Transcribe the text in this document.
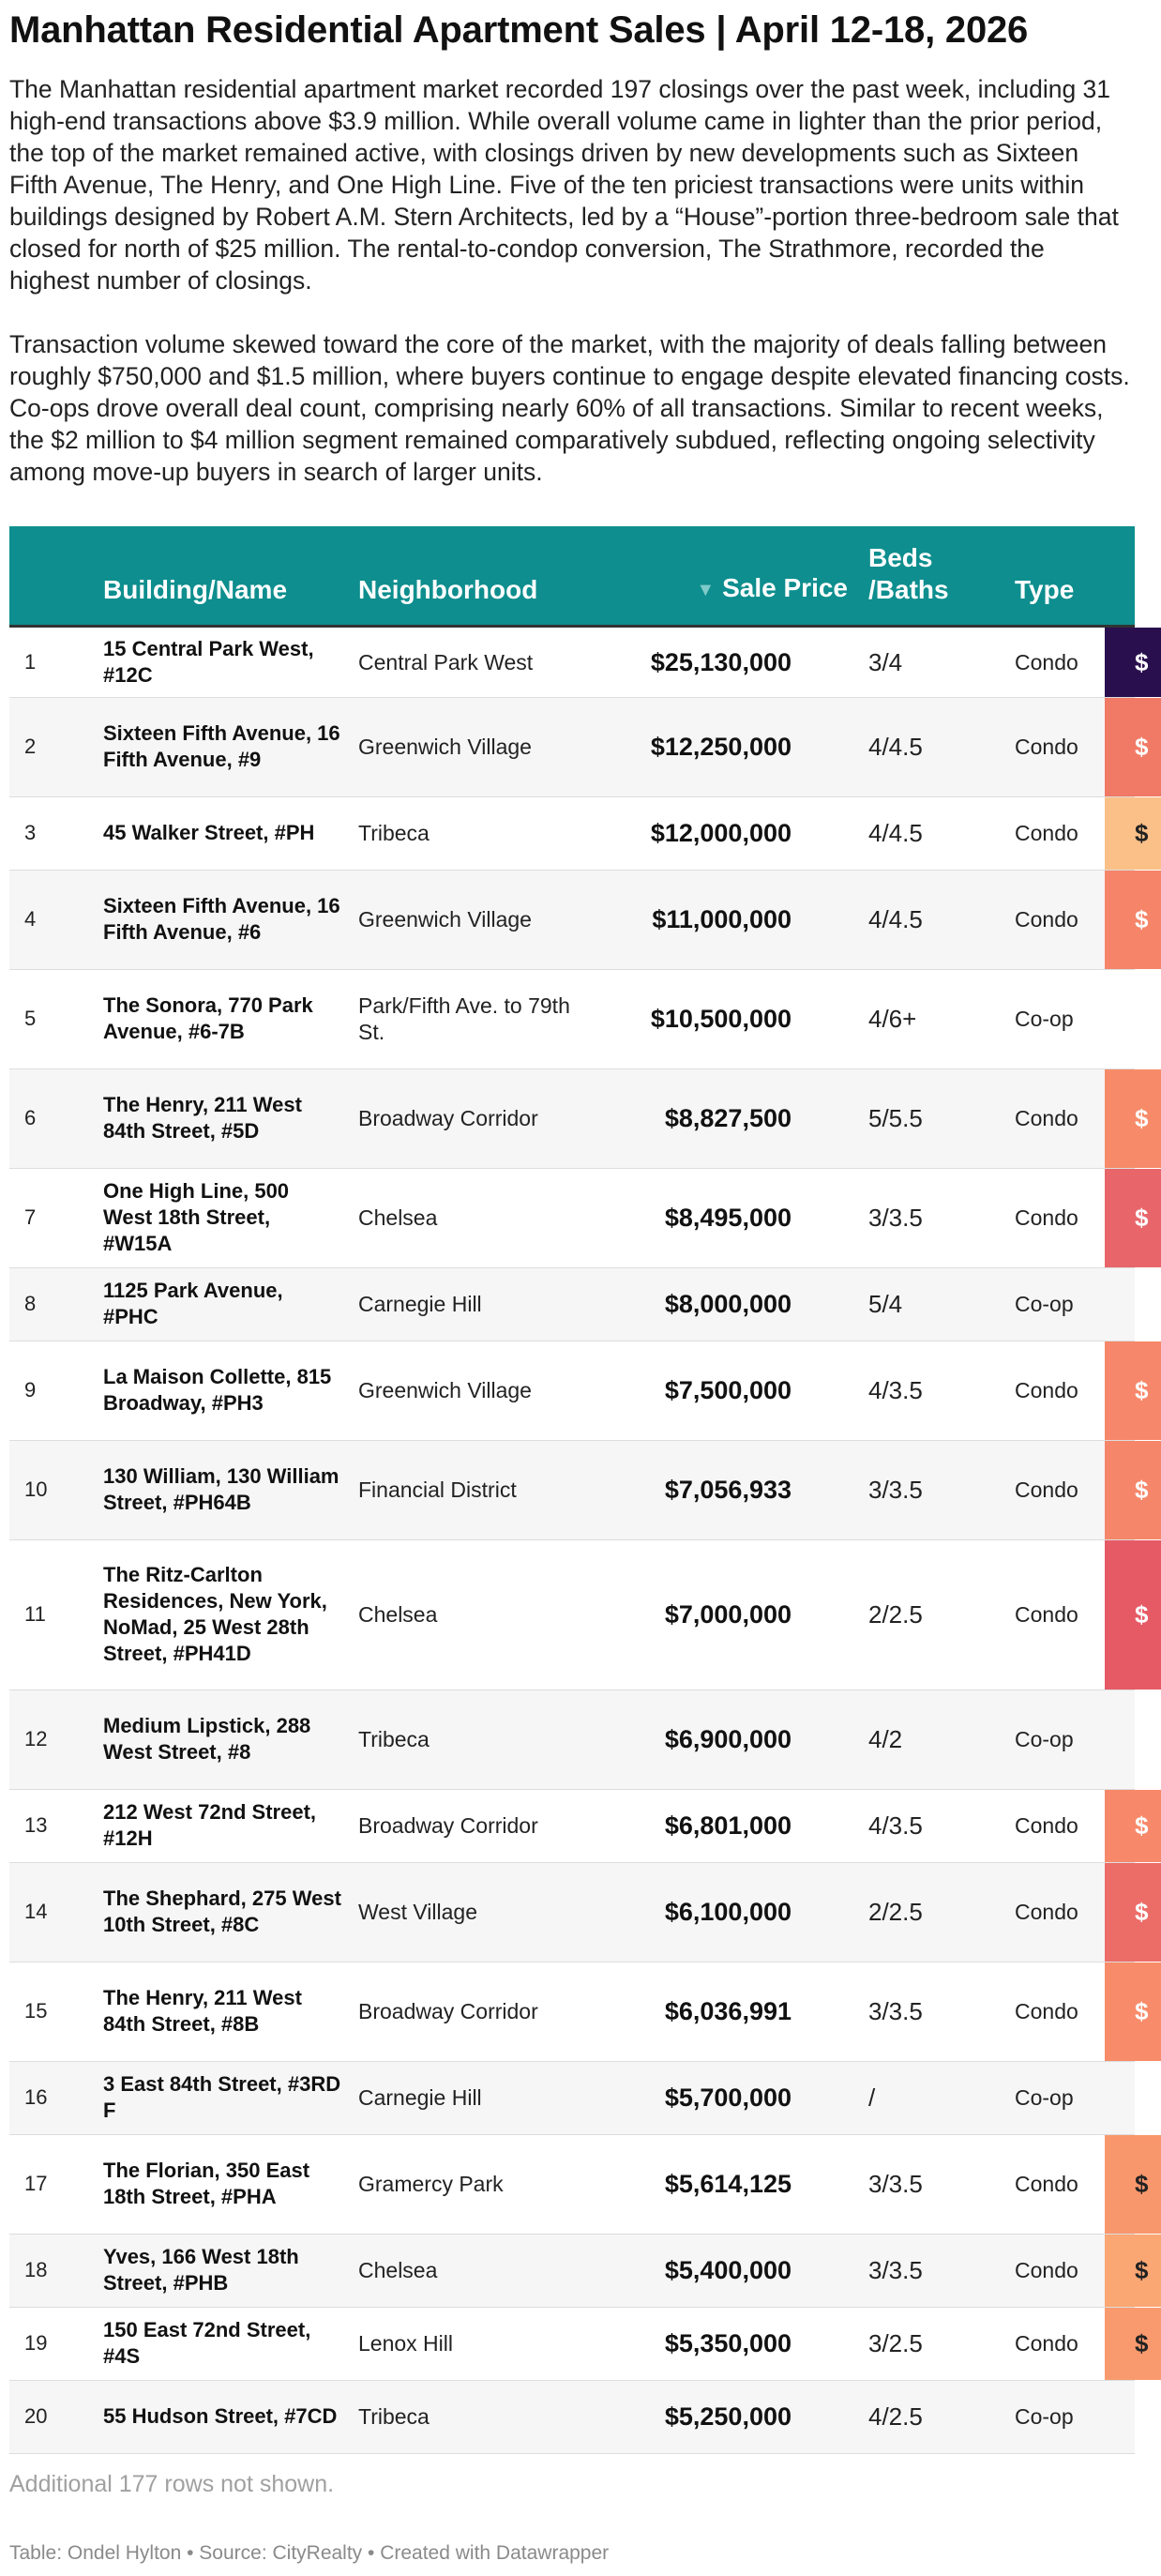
Manhattan Residential Apartment Sales | April 12-18, 2026

The Manhattan residential apartment market recorded 197 closings over the past week, including 31 high-end transactions above $3.9 million. While overall volume came in lighter than the prior period, the top of the market remained active, with closings driven by new developments such as Sixteen Fifth Avenue, The Henry, and One High Line. Five of the ten priciest transactions were units within buildings designed by Robert A.M. Stern Architects, led by a “House”-portion three-bedroom sale that closed for north of $25 million. The rental-to-condop conversion, The Strathmore, recorded the highest number of closings.

Transaction volume skewed toward the core of the market, with the majority of deals falling between roughly $750,000 and $1.5 million, where buyers continue to engage despite elevated financing costs. Co-ops drove overall deal count, comprising nearly 60% of all transactions. Similar to recent weeks, the $2 million to $4 million segment remained comparatively subdued, reflecting ongoing selectivity among move-up buyers in search of larger units.

	Building/Name	Neighborhood	▼ Sale Price	Beds /Baths	Type	
1	15 Central Park West, #12C	Central Park West	$25,130,000	3/4	Condo	$

2	Sixteen Fifth Avenue, 16 Fifth Avenue, #9	Greenwich Village	$12,250,000	4/4.5	Condo	$

3	45 Walker Street, #PH	Tribeca	$12,000,000	4/4.5	Condo	$

4	Sixteen Fifth Avenue, 16 Fifth Avenue, #6	Greenwich Village	$11,000,000	4/4.5	Condo	$

5	The Sonora, 770 Park Avenue, #6-7B	Park/Fifth Ave. to 79th St.	$10,500,000	4/6+	Co-op	
6	The Henry, 211 West 84th Street, #5D	Broadway Corridor	$8,827,500	5/5.5	Condo	$

7	One High Line, 500 West 18th Street, #W15A	Chelsea	$8,495,000	3/3.5	Condo	$

8	1125 Park Avenue, #PHC	Carnegie Hill	$8,000,000	5/4	Co-op	
9	La Maison Collette, 815 Broadway, #PH3	Greenwich Village	$7,500,000	4/3.5	Condo	$

10	130 William, 130 William Street, #PH64B	Financial District	$7,056,933	3/3.5	Condo	$

11	The Ritz-Carlton Residences, New York, NoMad, 25 West 28th Street, #PH41D	Chelsea	$7,000,000	2/2.5	Condo	$

12	Medium Lipstick, 288 West Street, #8	Tribeca	$6,900,000	4/2	Co-op	
13	212 West 72nd Street, #12H	Broadway Corridor	$6,801,000	4/3.5	Condo	$

14	The Shephard, 275 West 10th Street, #8C	West Village	$6,100,000	2/2.5	Condo	$

15	The Henry, 211 West 84th Street, #8B	Broadway Corridor	$6,036,991	3/3.5	Condo	$

16	3 East 84th Street, #3RD F	Carnegie Hill	$5,700,000	/	Co-op	
17	The Florian, 350 East 18th Street, #PHA	Gramercy Park	$5,614,125	3/3.5	Condo	$

18	Yves, 166 West 18th Street, #PHB	Chelsea	$5,400,000	3/3.5	Condo	$

19	150 East 72nd Street, #4S	Lenox Hill	$5,350,000	3/2.5	Condo	$

20	55 Hudson Street, #7CD	Tribeca	$5,250,000	4/2.5	Co-op	
Additional 177 rows not shown.
Table: Ondel Hylton • Source: CityRealty • Created with Datawrapper
